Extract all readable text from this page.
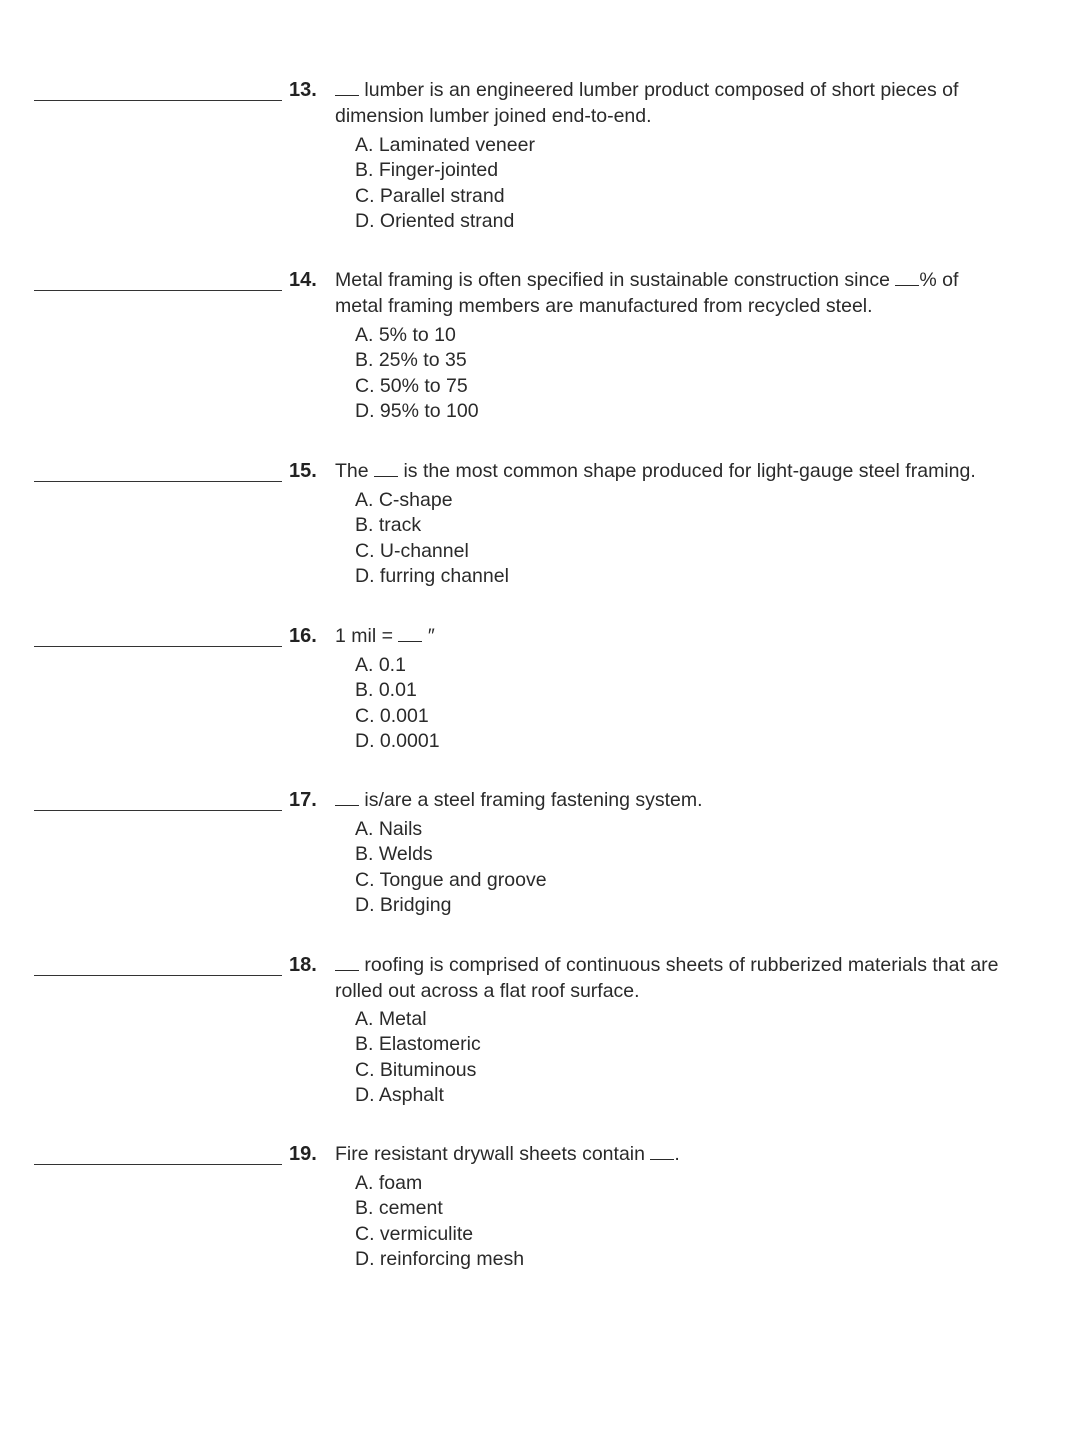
13.	lumber is an engineered lumber product composed of short pieces of dimension lumber joined end-to-end.
A. Laminated veneer
B. Finger-jointed
C. Parallel strand
D. Oriented strand
14. Metal framing is often specified in sustainable construction since % of metal framing members are manufactured from recycled steel.
A. 5% to 10
B. 25% to 35
C. 50% to 75
D. 95% to 100
15. The is the most common shape produced for light-gauge steel framing.
A. C-shape
B. track
C. U-channel
D. furring channel
16. 1 mil = ″
A. 0.1
B. 0.01
C. 0.001
D. 0.0001
17.	is/are a steel framing fastening system.
A. Nails
B. Welds
C. Tongue and groove
D. Bridging
18.	roofing is comprised of continuous sheets of rubberized materials that are rolled out across a flat roof surface.
A. Metal
B. Elastomeric
C. Bituminous
D. Asphalt
19. Fire resistant drywall sheets contain .
A. foam
B. cement
C. vermiculite
D. reinforcing mesh
